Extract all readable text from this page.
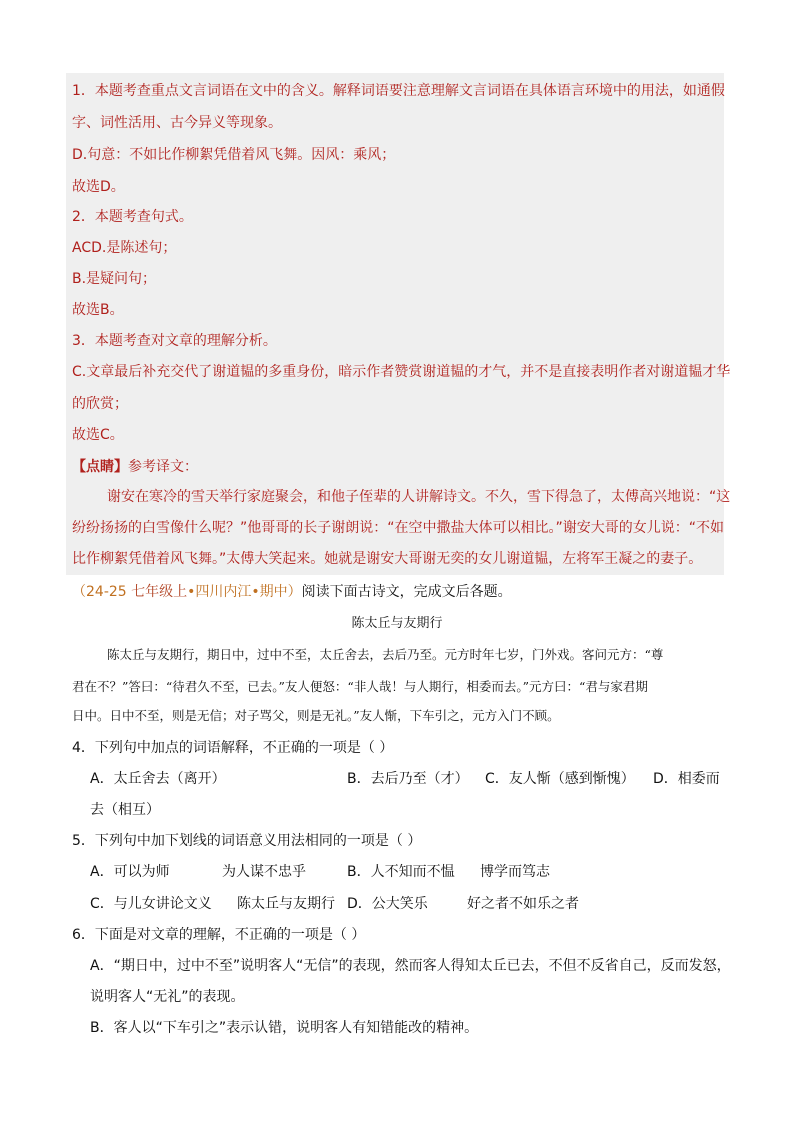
1．本题考查重点文言词语在文中的含义。解释词语要注意理解文言词语在具体语言环境中的用法，如通假
字、词性活用、古今异义等现象。
D.句意：不如比作柳絮凭借着风飞舞。因风：乘风；
故选D。
2．本题考查句式。
ACD.是陈述句；
B.是疑问句；
故选B。
3．本题考查对文章的理解分析。
C.文章最后补充交代了谢道韫的多重身份，暗示作者赞赏谢道韫的才气，并不是直接表明作者对谢道韫才华
的欣赏；
故选C。
【点睛】参考译文：
谢安在寒冷的雪天举行家庭聚会，和他子侄辈的人讲解诗文。不久，雪下得急了，太傅高兴地说：“这
纷纷扬扬的白雪像什么呢？”他哥哥的长子谢朗说：“在空中撒盐大体可以相比。”谢安大哥的女儿说：“不如
比作柳絮凭借着风飞舞。”太傅大笑起来。她就是谢安大哥谢无奕的女儿谢道韫，左将军王凝之的妻子。
（24-25 七年级上•四川内江•期中）阅读下面古诗文，完成文后各题。
陈太丘与友期行
陈太丘与友期行，期日中，过中不至，太丘舍去，去后乃至。元方时年七岁，门外戏。客问元方：“尊
君在不？”答曰：“待君久不至，已去。”友人便怒：“非人哉！与人期行，相委而去。”元方曰：“君与家君期
日中。日中不至，则是无信；对子骂父，则是无礼。”友人惭，下车引之，元方入门不顾。
4．下列句中加点的词语解释，不正确的一项是（ ）
A．太丘舍去（离开）	B．去后乃至（才） C．友人惭（感到惭愧） D．相委而
去（相互）
5．下列句中加下划线的词语意义用法相同的一项是（ ）
A．可以为师	为人谋不忠乎	B．人不知而不愠 博学而笃志
C．与儿女讲论文义 陈太丘与友期行 D．公大笑乐	好之者不如乐之者
6．下面是对文章的理解，不正确的一项是（ ）
A．“期日中，过中不至”说明客人“无信”的表现，然而客人得知太丘已去，不但不反省自己，反而发怒，
说明客人“无礼”的表现。
B．客人以“下车引之”表示认错，说明客人有知错能改的精神。
